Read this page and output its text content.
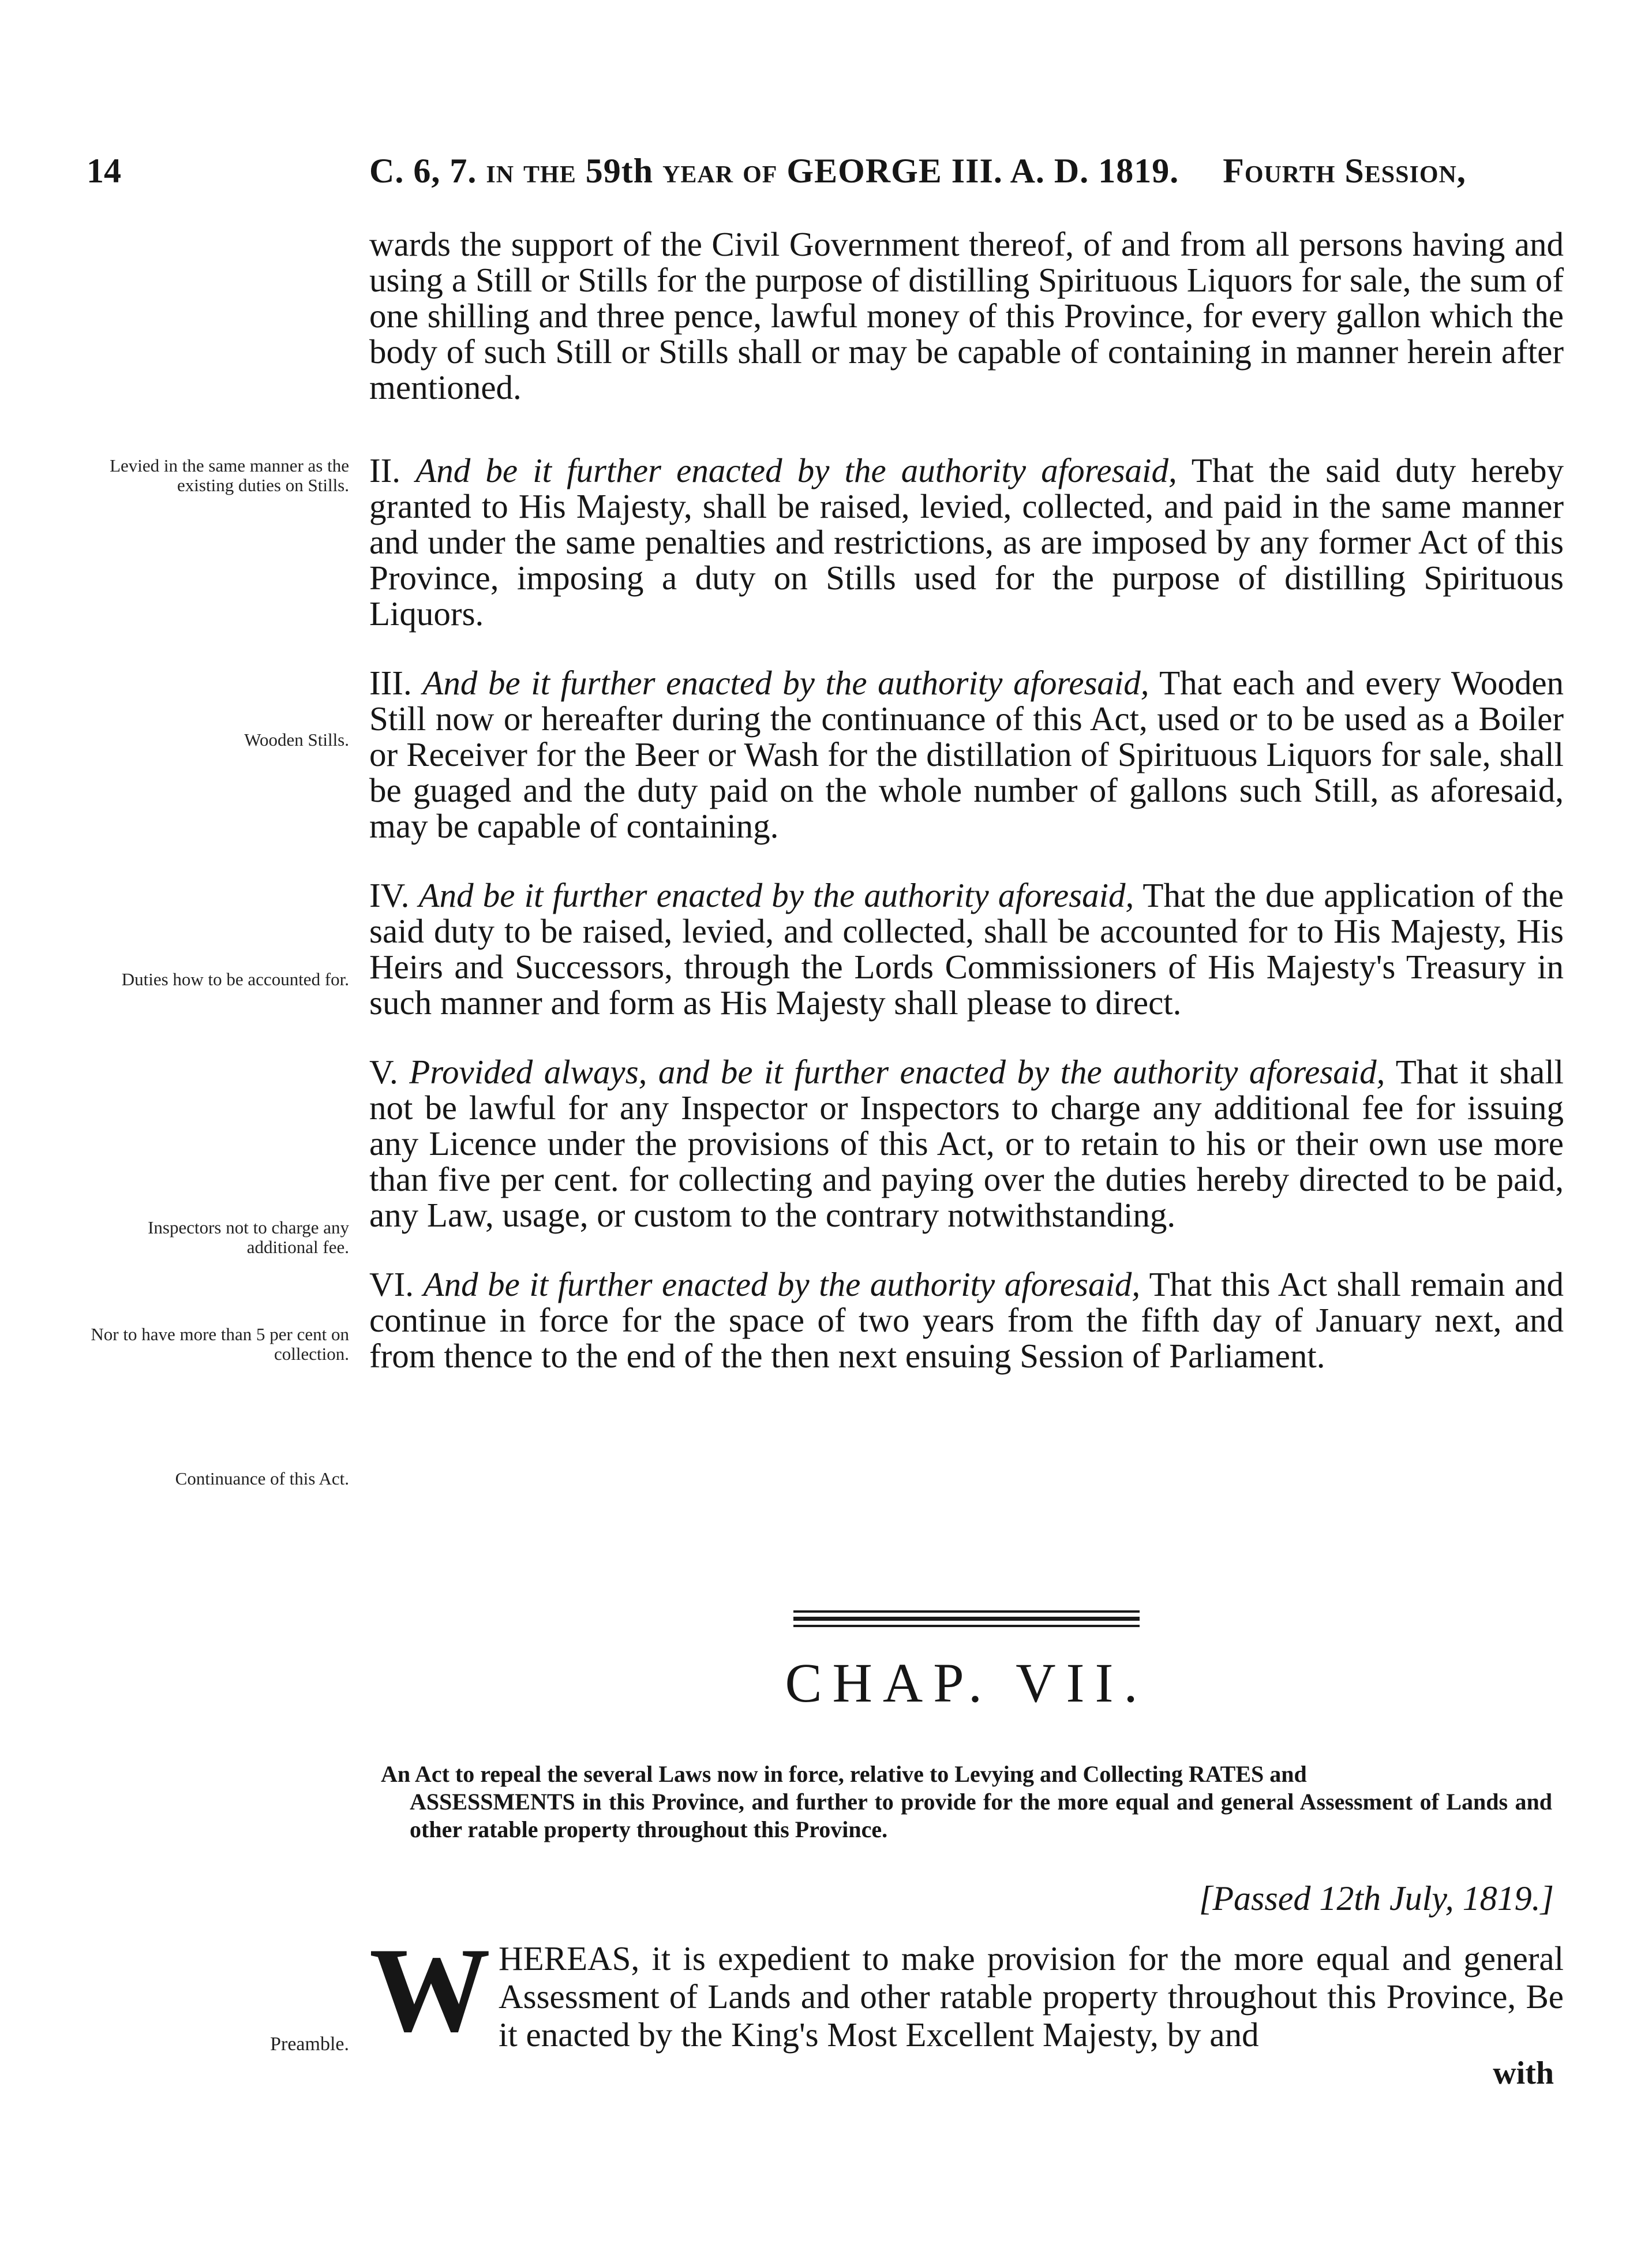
14	C. 6, 7. in the 59th year of GEORGE III. A. D. 1819. Fourth Session,

wards the support of the Civil Government thereof, of and from all persons having and using a Still or Stills for the purpose of distilling Spirituous Liquors for sale, the sum of one shilling and three pence, lawful money of this Province, for every gallon which the body of such Still or Stills shall or may be capable of containing in manner herein after mentioned.

II. And be it further enacted by the authority aforesaid, That the said duty hereby granted to His Majesty, shall be raised, levied, collected, and paid in the same manner and under the same penalties and restrictions, as are imposed by any former Act of this Province, imposing a duty on Stills used for the purpose of distilling Spirituous Liquors.

III. And be it further enacted by the authority aforesaid, That each and every Wooden Still now or hereafter during the continuance of this Act, used or to be used as a Boiler or Receiver for the Beer or Wash for the distillation of Spirituous Liquors for sale, shall be guaged and the duty paid on the whole number of gallons such Still, as aforesaid, may be capable of containing.

IV. And be it further enacted by the authority aforesaid, That the due application of the said duty to be raised, levied, and collected, shall be accounted for to His Majesty, His Heirs and Successors, through the Lords Commissioners of His Majesty's Treasury in such manner and form as His Majesty shall please to direct.

V. Provided always, and be it further enacted by the authority aforesaid, That it shall not be lawful for any Inspector or Inspectors to charge any additional fee for issuing any Licence under the provisions of this Act, or to retain to his or their own use more than five per cent. for collecting and paying over the duties hereby directed to be paid, any Law, usage, or custom to the contrary notwithstanding.

VI. And be it further enacted by the authority aforesaid, That this Act shall remain and continue in force for the space of two years from the fifth day of January next, and from thence to the end of the then next ensuing Session of Parliament.

Levied in the same manner as the existing duties on Stills.
Wooden Stills.
Duties how to be accounted for.
Inspectors not to charge any additional fee.
Nor to have more than 5 per cent on collection.
Continuance of this Act.
Preamble.
CHAP. VII.
An Act to repeal the several Laws now in force, relative to Levying and Collecting RATES and
ASSESSMENTS in this Province, and further to provide for the more equal and general Assessment of Lands and other ratable property throughout this Province.
[Passed 12th July, 1819.]
W HEREAS, it is expedient to make provision for the more equal and general Assessment of Lands and other ratable property throughout this Province, Be it enacted by the King's Most Excellent Majesty, by and
with
